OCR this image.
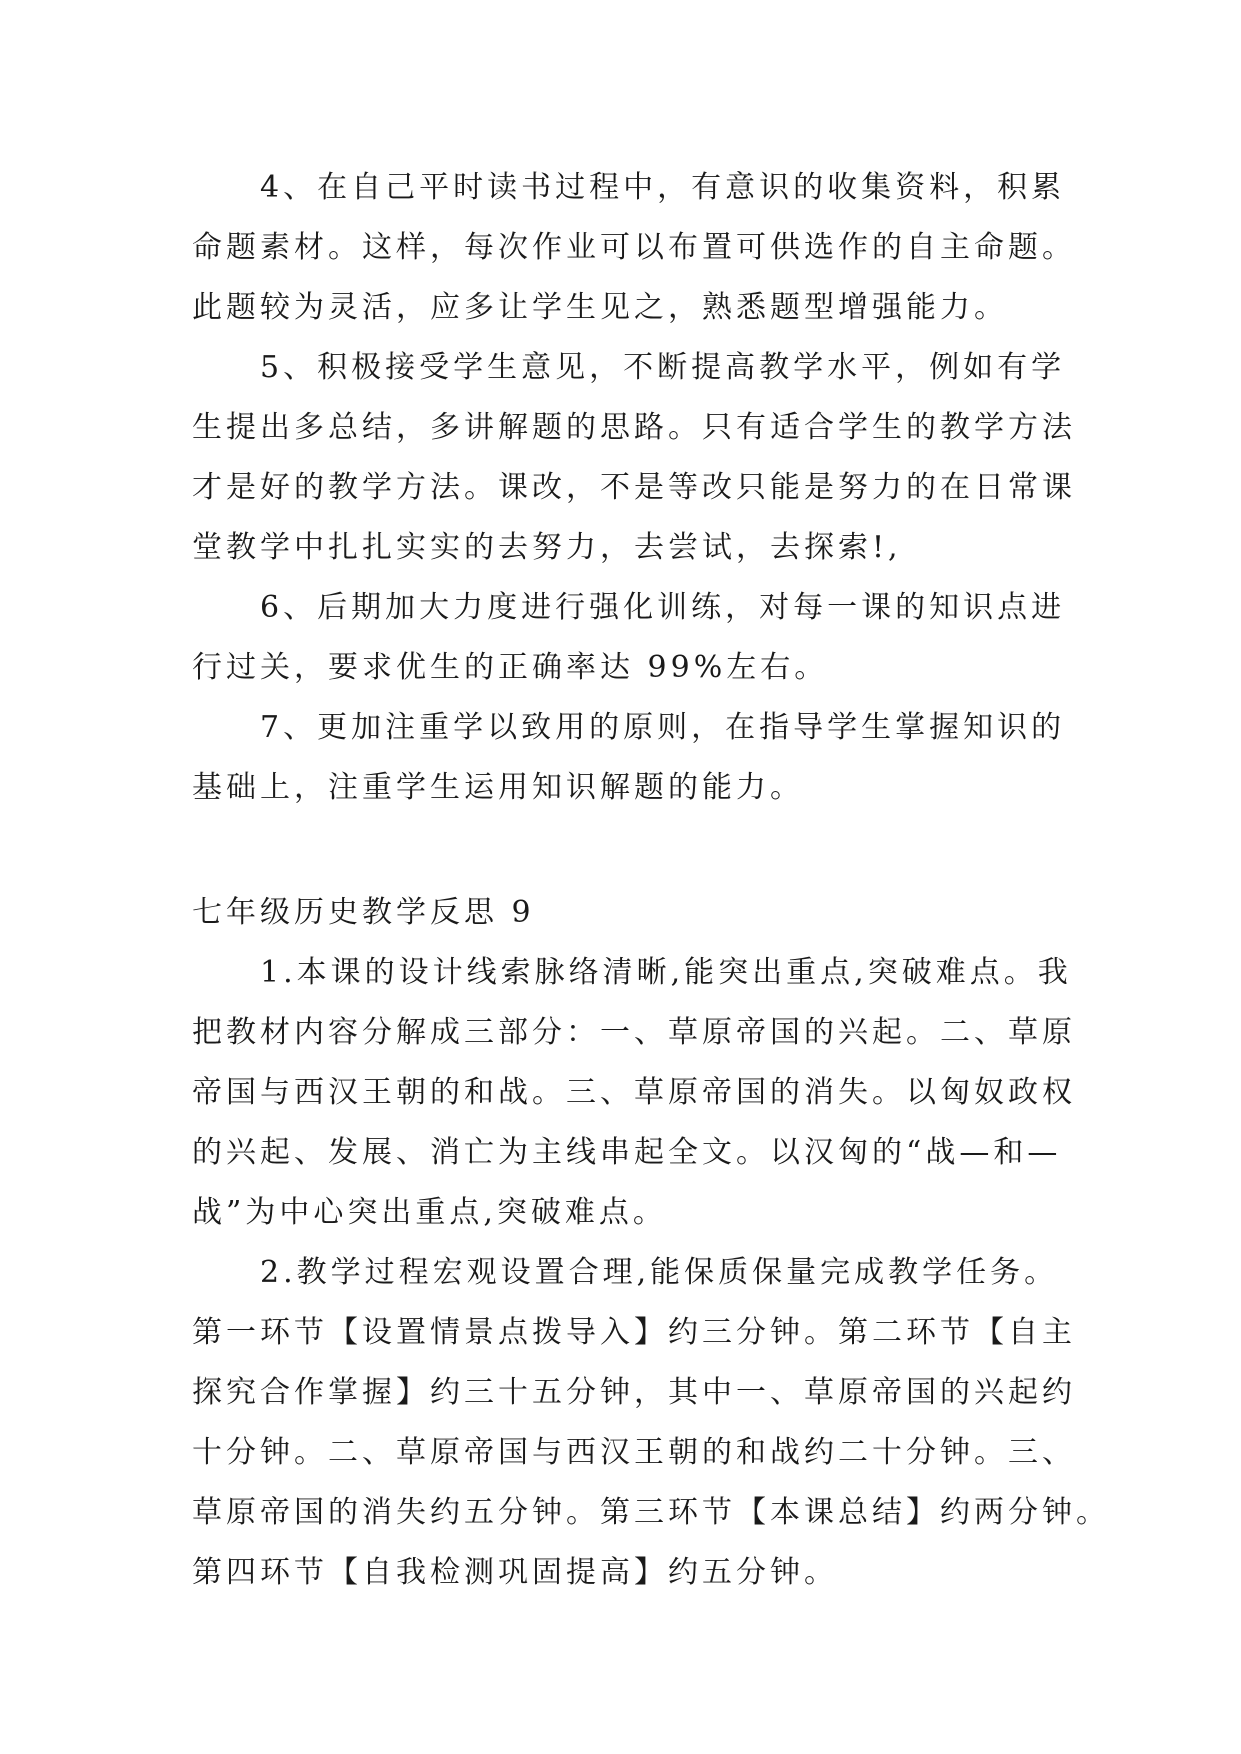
4、在自己平时读书过程中，有意识的收集资料，积累
命题素材。这样，每次作业可以布置可供选作的自主命题。
此题较为灵活，应多让学生见之，熟悉题型增强能力。
5、积极接受学生意见，不断提高教学水平，例如有学
生提出多总结，多讲解题的思路。只有适合学生的教学方法
才是好的教学方法。课改，不是等改只能是努力的在日常课
堂教学中扎扎实实的去努力，去尝试，去探索!,
6、后期加大力度进行强化训练，对每一课的知识点进
行过关，要求优生的正确率达 99%左右。
7、更加注重学以致用的原则，在指导学生掌握知识的
基础上，注重学生运用知识解题的能力。
七年级历史教学反思 9
1.本课的设计线索脉络清晰,能突出重点,突破难点。我
把教材内容分解成三部分：一、草原帝国的兴起。二、草原
帝国与西汉王朝的和战。三、草原帝国的消失。以匈奴政权
的兴起、发展、消亡为主线串起全文。以汉匈的“战—和—
战”为中心突出重点,突破难点。
2.教学过程宏观设置合理,能保质保量完成教学任务。
第一环节【设置情景点拨导入】约三分钟。第二环节【自主
探究合作掌握】约三十五分钟，其中一、草原帝国的兴起约
十分钟。二、草原帝国与西汉王朝的和战约二十分钟。三、
草原帝国的消失约五分钟。第三环节【本课总结】约两分钟。
第四环节【自我检测巩固提高】约五分钟。
